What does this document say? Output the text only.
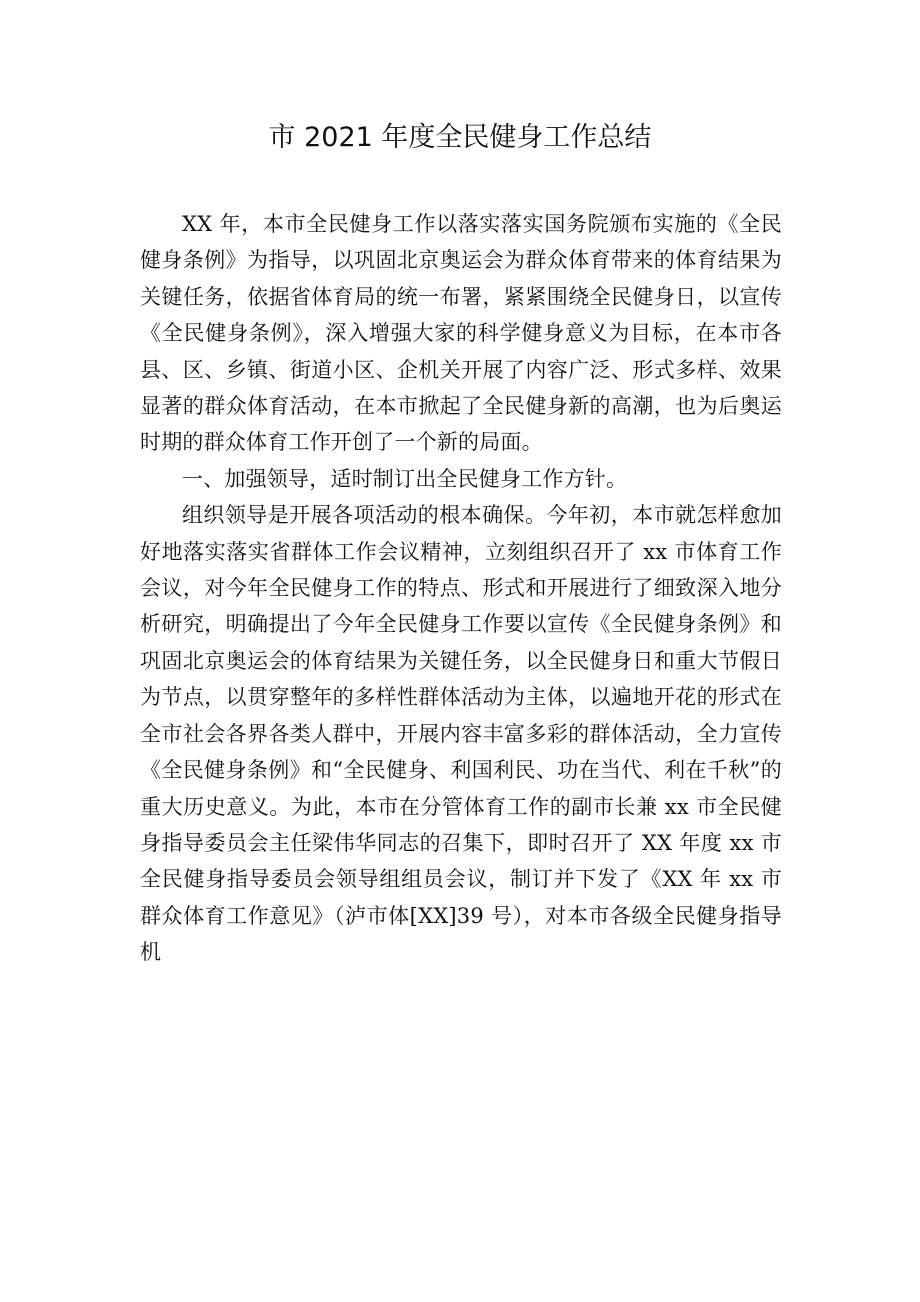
市 2021 年度全民健身工作总结

XX 年，本市全民健身工作以落实落实国务院颁布实施的《全民健身条例》为指导，以巩固北京奥运会为群众体育带来的体育结果为关键任务，依据省体育局的统一布署，紧紧围绕全民健身日，以宣传《全民健身条例》，深入增强大家的科学健身意义为目标，在本市各县、区、乡镇、街道小区、企机关开展了内容广泛、形式多样、效果显著的群众体育活动，在本市掀起了全民健身新的高潮，也为后奥运时期的群众体育工作开创了一个新的局面。

一、加强领导，适时制订出全民健身工作方针。

组织领导是开展各项活动的根本确保。今年初，本市就怎样愈加好地落实落实省群体工作会议精神，立刻组织召开了 xx 市体育工作会议，对今年全民健身工作的特点、形式和开展进行了细致深入地分析研究，明确提出了今年全民健身工作要以宣传《全民健身条例》和巩固北京奥运会的体育结果为关键任务，以全民健身日和重大节假日为节点，以贯穿整年的多样性群体活动为主体，以遍地开花的形式在全市社会各界各类人群中，开展内容丰富多彩的群体活动，全力宣传《全民健身条例》和“全民健身、利国利民、功在当代、利在千秋”的重大历史意义。为此，本市在分管体育工作的副市长兼 xx 市全民健身指导委员会主任梁伟华同志的召集下，即时召开了 XX 年度 xx 市全民健身指导委员会领导组组员会议，制订并下发了《XX 年 xx 市群众体育工作意见》（泸市体[XX]39 号），对本市各级全民健身指导机
